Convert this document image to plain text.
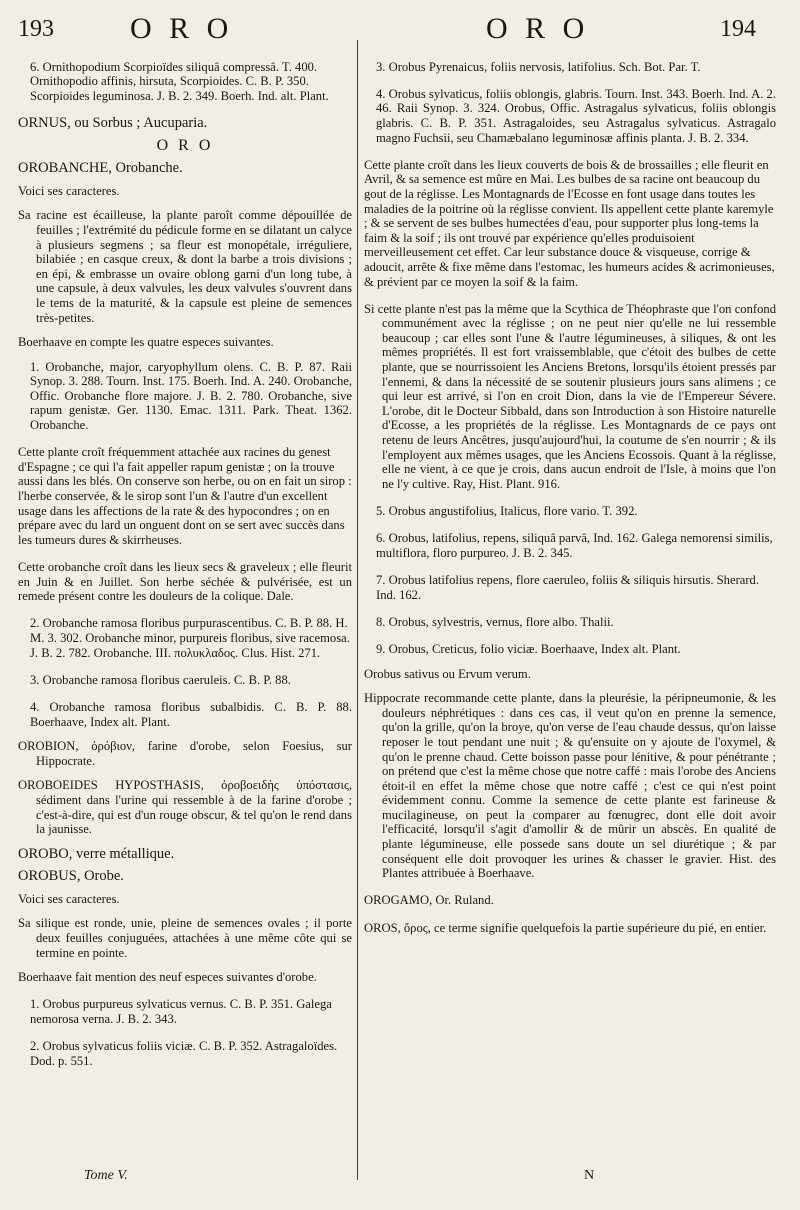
193	O R O	O R O	194

6. Ornithopodium Scorpioïdes siliquâ compressâ. T. 400. Ornithopodio affinis, hirsuta, Scorpioides. C. B. P. 350. Scorpioides leguminosa. J. B. 2. 349. Boerh. Ind. alt. Plant.

ORNUS, ou Sorbus ; Aucuparia.

O R O

OROBANCHE, Orobanche.

Voici ses caracteres.

Sa racine est écailleuse, la plante paroît comme dépouillée de feuilles ; l'extrémité du pédicule forme en se dilatant un calyce à plusieurs segmens ; sa fleur est monopétale, irréguliere, bilabiée ; en casque creux, & dont la barbe a trois divisions ; en épi, & embrasse un ovaire oblong garni d'un long tube, à une capsule, à deux valvules, les deux valvules s'ouvrent dans le tems de la maturité, & la capsule est pleine de semences très-petites.

Boerhaave en compte les quatre especes suivantes.

1. Orobanche, major, caryophyllum olens. C. B. P. 87. Raii Synop. 3. 288. Tourn. Inst. 175. Boerh. Ind. A. 240. Orobanche, Offic. Orobanche flore majore. J. B. 2. 780. Orobanche, sive rapum genistæ. Ger. 1130. Emac. 1311. Park. Theat. 1362. Orobanche.

Cette plante croît fréquemment attachée aux racines du genest d'Espagne ; ce qui l'a fait appeller rapum genistæ ; on la trouve aussi dans les blés. On conserve son herbe, ou on en fait un sirop : l'herbe conservée, & le sirop sont l'un & l'autre d'un excellent usage dans les affections de la rate & des hypocondres ; on en prépare avec du lard un onguent dont on se sert avec succès dans les tumeurs dures & skirrheuses.

Cette orobanche croît dans les lieux secs & graveleux ; elle fleurit en Juin & en Juillet. Son herbe séchée & pulvérisée, est un remede présent contre les douleurs de la colique. Dale.

2. Orobanche ramosa floribus purpurascentibus. C. B. P. 88. H. M. 3. 302. Orobanche minor, purpureis floribus, sive racemosa. J. B. 2. 782. Orobanche. III. πολυκλαδος. Clus. Hist. 271.

3. Orobanche ramosa floribus caeruleis. C. B. P. 88.

4. Orobanche ramosa floribus subalbidis. C. B. P. 88. Boerhaave, Index alt. Plant.

OROBION, ὀρόβιον, farine d'orobe, selon Foesius, sur Hippocrate.

OROBOEIDES HYPOSTHASIS, ὀροβοειδὴς ὑπόστασις, sédiment dans l'urine qui ressemble à de la farine d'orobe ; c'est-à-dire, qui est d'un rouge obscur, & tel qu'on le rend dans la jaunisse.

OROBO, verre métallique.

OROBUS, Orobe.

Voici ses caracteres.

Sa silique est ronde, unie, pleine de semences ovales ; il porte deux feuilles conjuguées, attachées à une même côte qui se termine en pointe.

Boerhaave fait mention des neuf especes suivantes d'orobe.

1. Orobus purpureus sylvaticus vernus. C. B. P. 351. Galega nemorosa verna. J. B. 2. 343.

2. Orobus sylvaticus foliis viciæ. C. B. P. 352. Astragaloïdes. Dod. p. 551.

3. Orobus Pyrenaicus, foliis nervosis, latifolius. Sch. Bot. Par. T.

4. Orobus sylvaticus, foliis oblongis, glabris. Tourn. Inst. 343. Boerh. Ind. A. 2. 46. Raii Synop. 3. 324. Orobus, Offic. Astragalus sylvaticus, foliis oblongis glabris. C. B. P. 351. Astragaloides, seu Astragalus sylvaticus. Astragalo magno Fuchsii, seu Chamæbalano leguminosæ affinis planta. J. B. 2. 334.

Cette plante croît dans les lieux couverts de bois & de brossailles ; elle fleurit en Avril, & sa semence est mûre en Mai. Les bulbes de sa racine ont beaucoup du gout de la réglisse. Les Montagnards de l'Ecosse en font usage dans toutes les maladies de la poitrine où la réglisse convient. Ils appellent cette plante karemyle ; & se servent de ses bulbes humectées d'eau, pour supporter plus long-tems la faim & la soif ; ils ont trouvé par expérience qu'elles produisoient merveilleusement cet effet. Car leur substance douce & visqueuse, corrige & adoucit, arrête & fixe même dans l'estomac, les humeurs acides & acrimonieuses, & prévient par ce moyen la soif & la faim.

Si cette plante n'est pas la même que la Scythica de Théophraste que l'on confond communément avec la réglisse ; on ne peut nier qu'elle ne lui ressemble beaucoup ; car elles sont l'une & l'autre légumineuses, à siliques, & ont les mêmes propriétés. Il est fort vraissemblable, que c'étoit des bulbes de cette plante, que se nourrissoient les Anciens Bretons, lorsqu'ils étoient pressés par l'ennemi, & dans la nécessité de se soutenir plusieurs jours sans alimens ; ce qui leur est arrivé, si l'on en croit Dion, dans la vie de l'Empereur Sévere. L'orobe, dit le Docteur Sibbald, dans son Introduction à son Histoire naturelle d'Ecosse, a les propriétés de la réglisse. Les Montagnards de ce pays ont retenu de leurs Ancêtres, jusqu'aujourd'hui, la coutume de s'en nourrir ; & ils l'employent aux mêmes usages, que les Anciens Ecossois. Quant à la réglisse, elle ne vient, à ce que je crois, dans aucun endroit de l'Isle, à moins que l'on ne l'y cultive. Ray, Hist. Plant. 916.

5. Orobus angustifolius, Italicus, flore vario. T. 392.

6. Orobus, latifolius, repens, siliquâ parvâ, Ind. 162. Galega nemorensi similis, multiflora, floro purpureo. J. B. 2. 345.

7. Orobus latifolius repens, flore caeruleo, foliis & siliquis hirsutis. Sherard. Ind. 162.

8. Orobus, sylvestris, vernus, flore albo. Thalii.

9. Orobus, Creticus, folio viciæ. Boerhaave, Index alt. Plant.

Orobus sativus ou Ervum verum.

Hippocrate recommande cette plante, dans la pleurésie, la péripneumonie, & les douleurs néphrétiques : dans ces cas, il veut qu'on en prenne la semence, qu'on la grille, qu'on la broye, qu'on verse de l'eau chaude dessus, qu'on laisse reposer le tout pendant une nuit ; & qu'ensuite on y ajoute de l'oxymel, & qu'on le prenne chaud. Cette boisson passe pour lénitive, & pour pénétrante ; on prétend que c'est la même chose que notre caffé : mais l'orobe des Anciens étoit-il en effet la même chose que notre caffé ; c'est ce qui n'est point évidemment connu. Comme la semence de cette plante est farineuse & mucilagineuse, on peut la comparer au fœnugrec, dont elle doit avoir l'efficacité, lorsqu'il s'agit d'amollir & de mûrir un abscès. En qualité de plante légumineuse, elle possede sans doute un sel diurétique ; & par conséquent elle doit provoquer les urines & chasser le gravier. Hist. des Plantes attribuée à Boerhaave.

OROGAMO, Or. Ruland.

OROS, ὄρος, ce terme signifie quelquefois la partie supérieure du pié, en entier.

Tome V.	N
